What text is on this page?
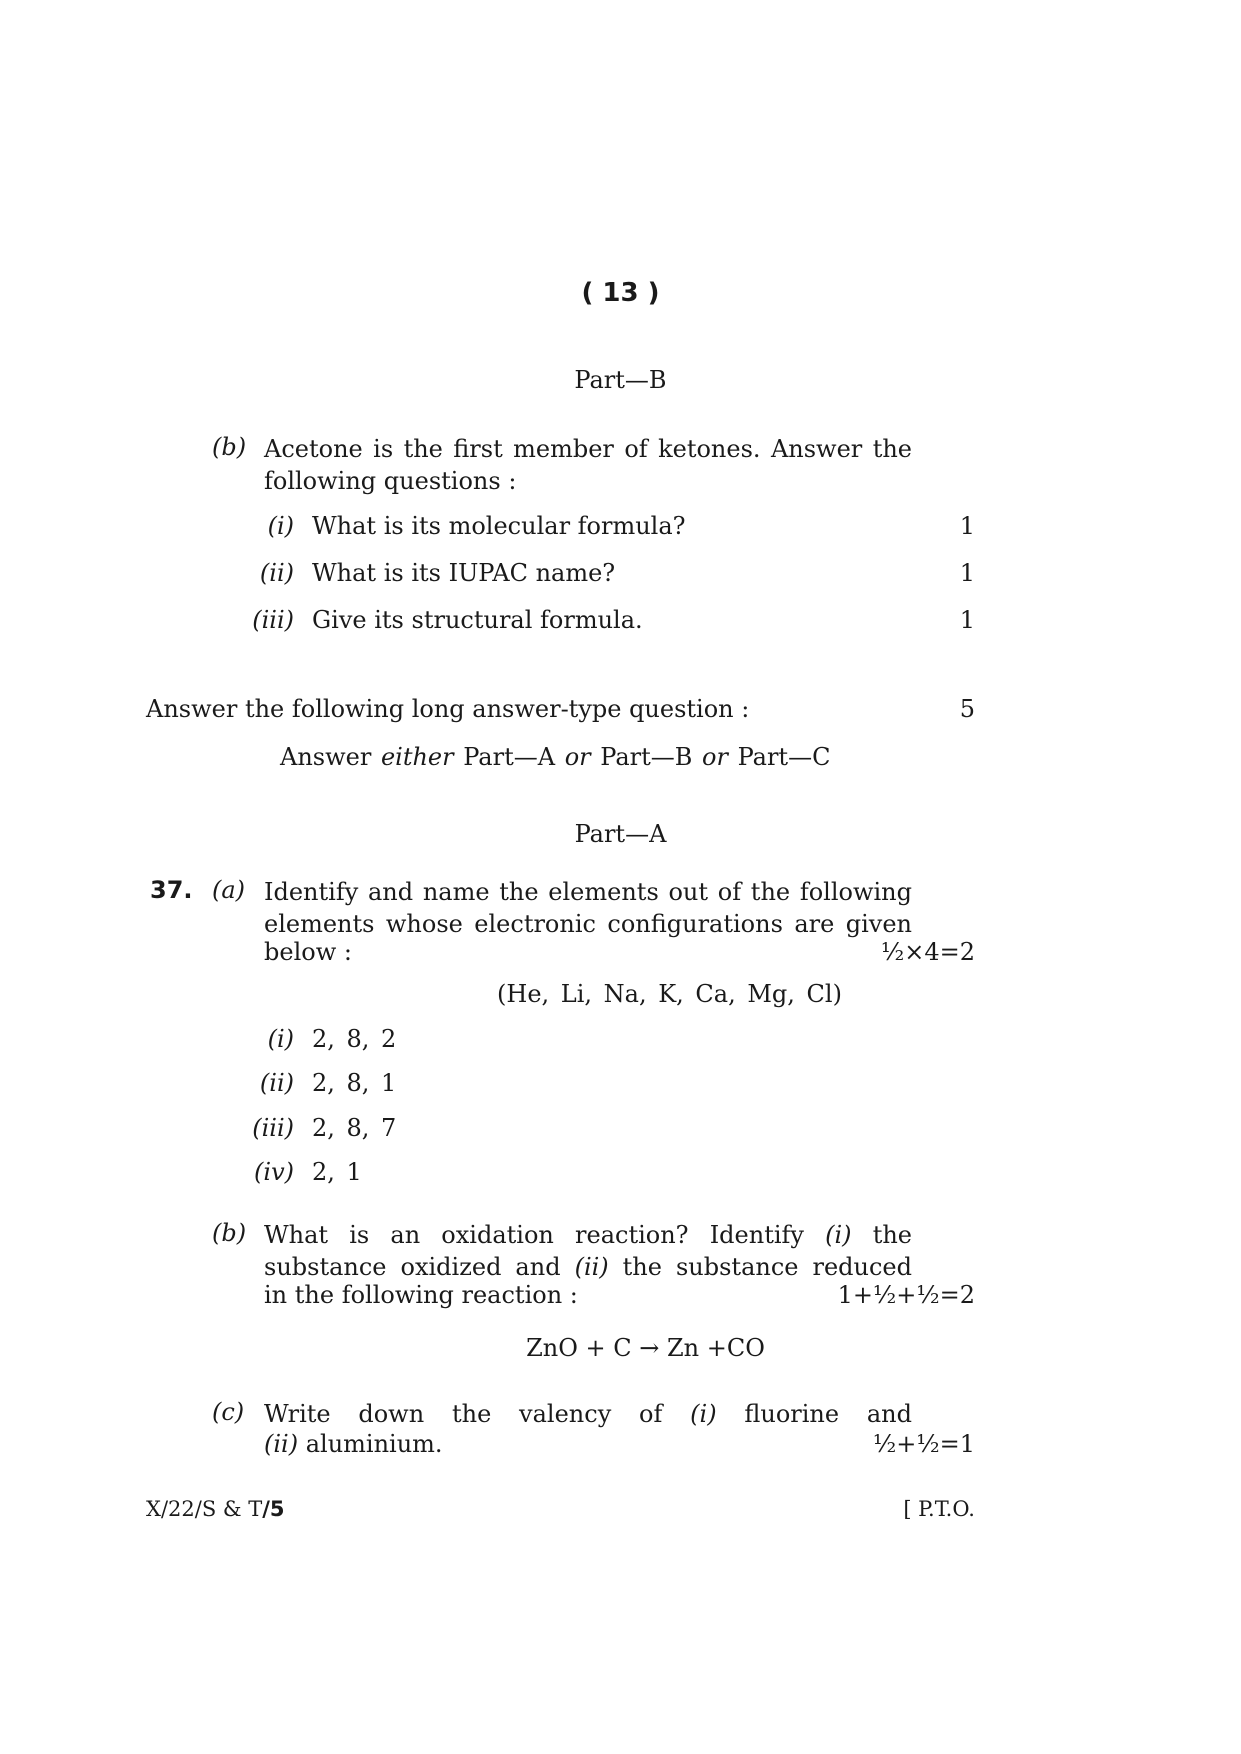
( 13 )
Part—B
(b) Acetone is the first member of ketones. Answer the
following questions :
(i) What is its molecular formula?	1
(ii) What is its IUPAC name?	1
(iii) Give its structural formula.	1
Answer the following long answer-type question :	5
Answer either Part—A or Part—B or Part—C
Part—A
37. (a) Identify and name the elements out of the following
elements whose electronic configurations are given
below :	½×4=2
(He, Li, Na, K, Ca, Mg, Cl)
(i) 2, 8, 2
(ii) 2, 8, 1
(iii) 2, 8, 7
(iv) 2, 1
(b) What is an oxidation reaction? Identify (i) the
substance oxidized and (ii) the substance reduced
in the following reaction :	1+½+½=2
ZnO + C → Zn +CO
(c) Write down the valency of (i) fluorine and
(ii) aluminium.	½+½=1
X/22/S & T/5	[ P.T.O.
